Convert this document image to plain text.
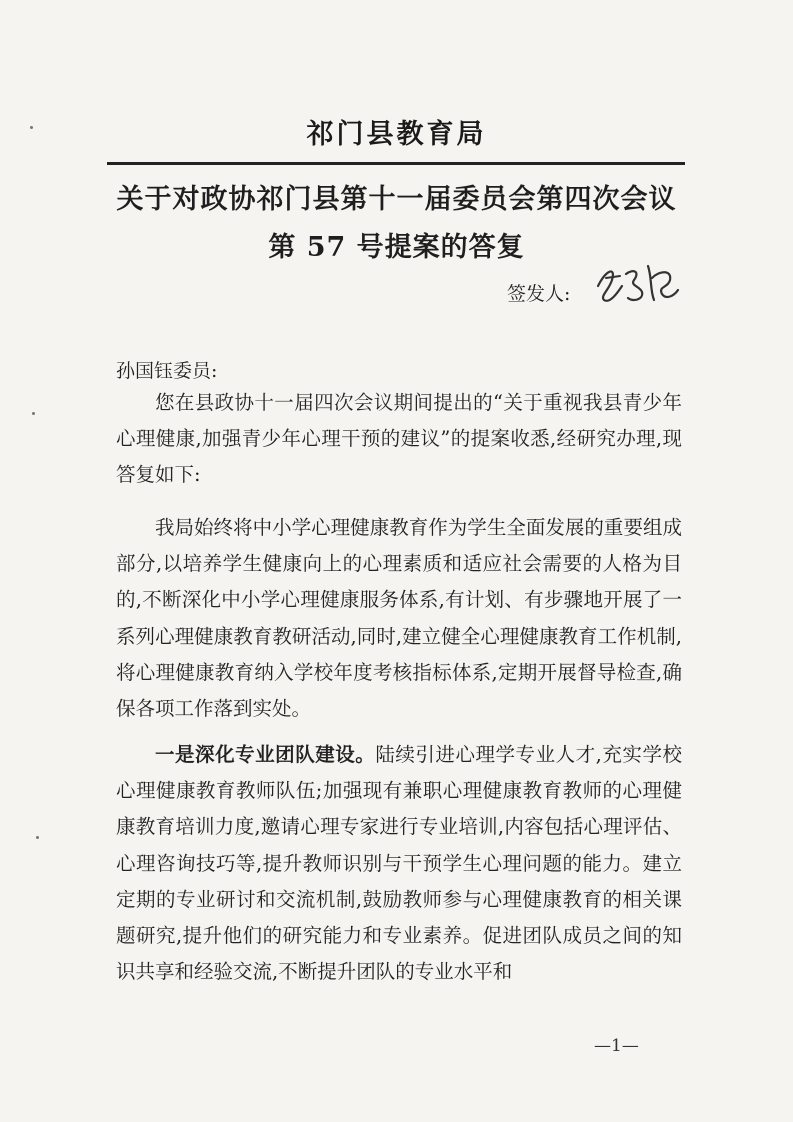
祁门县教育局
关于对政协祁门县第十一届委员会第四次会议
第 57 号提案的答复
签发人:
孙国钰委员:

您在县政协十一届四次会议期间提出的“关于重视我县青少年心理健康,加强青少年心理干预的建议”的提案收悉,经研究办理,现答复如下:

我局始终将中小学心理健康教育作为学生全面发展的重要组成部分,以培养学生健康向上的心理素质和适应社会需要的人格为目的,不断深化中小学心理健康服务体系,有计划、有步骤地开展了一系列心理健康教育教研活动,同时,建立健全心理健康教育工作机制,将心理健康教育纳入学校年度考核指标体系,定期开展督导检查,确保各项工作落到实处。

一是深化专业团队建设。陆续引进心理学专业人才,充实学校心理健康教育教师队伍;加强现有兼职心理健康教育教师的心理健康教育培训力度,邀请心理专家进行专业培训,内容包括心理评估、心理咨询技巧等,提升教师识别与干预学生心理问题的能力。建立定期的专业研讨和交流机制,鼓励教师参与心理健康教育的相关课题研究,提升他们的研究能力和专业素养。促进团队成员之间的知识共享和经验交流,不断提升团队的专业水平和

—1—
